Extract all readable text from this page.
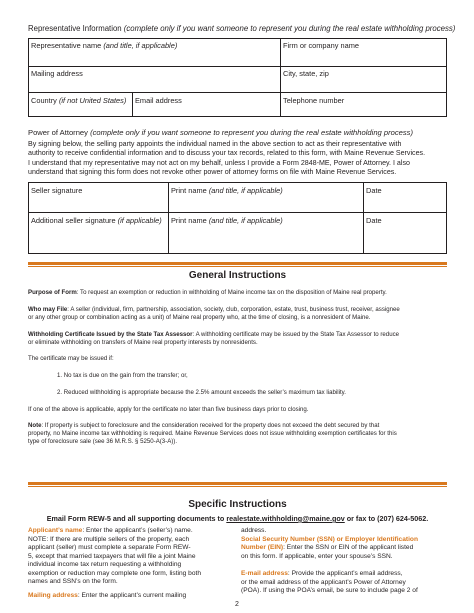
Representative Information (complete only if you want someone to represent you during the real estate withholding process)
Representative name (and title, if applicable)	Firm or company name
Mailing address	City, state, zip
Country (if not United States)	Email address	Telephone number
Power of Attorney (complete only if you want someone to represent you during the real estate withholding process)
By signing below, the selling party appoints the individual named in the above section to act as their representative with
authority to receive confidential information and to discuss your tax records, related to this form, with Maine Revenue Services.
I understand that my representative may not act on my behalf, unless I provide a Form 2848-ME, Power of Attorney. I also
understand that signing this form does not revoke other power of attorney forms on file with Maine Revenue Services.
Seller signature	Print name (and title, if applicable)	Date
Additional seller signature (if applicable)	Print name (and title, if applicable)	Date
General Instructions
Purpose of Form: To request an exemption or reduction in withholding of Maine income tax on the disposition of Maine real property.
Who may File: A seller (individual, firm, partnership, association, society, club, corporation, estate, trust, business trust, receiver, assignee
or any other group or combination acting as a unit) of Maine real property who, at the time of closing, is a nonresident of Maine.
Withholding Certificate Issued by the State Tax Assessor: A withholding certificate may be issued by the State Tax Assessor to reduce
or eliminate withholding on transfers of Maine real property interests by nonresidents.
The certificate may be issued if:
1. No tax is due on the gain from the transfer; or,
2. Reduced withholding is appropriate because the 2.5% amount exceeds the seller’s maximum tax liability.
If one of the above is applicable, apply for the certificate no later than five business days prior to closing.
Note: If property is subject to foreclosure and the consideration received for the property does not exceed the debt secured by that
property, no Maine income tax withholding is required. Maine Revenue Services does not issue withholding exemption certificates for this
type of foreclosure sale (see 36 M.R.S. § 5250-A(3-A)).
Specific Instructions
Email Form REW-5 and all supporting documents to realestate.withholding@maine.gov or fax to (207) 624-5062.
Applicant’s name: Enter the applicant’s (seller’s) name.
NOTE: If there are multiple sellers of the property, each
applicant (seller) must complete a separate Form REW-
5, except that married taxpayers that will file a joint Maine
individual income tax return requesting a withholding
exemption or reduction may complete one form, listing both
names and SSN’s on the form.
Mailing address: Enter the applicant’s current mailing
address.
Social Security Number (SSN) or Employer Identification
Number (EIN): Enter the SSN or EIN of the applicant listed
on this form. If applicable, enter your spouse’s SSN.
E-mail address: Provide the applicant’s email address,
or the email address of the applicant’s Power of Attorney
(POA). If using the POA’s email, be sure to include page 2 of
2
